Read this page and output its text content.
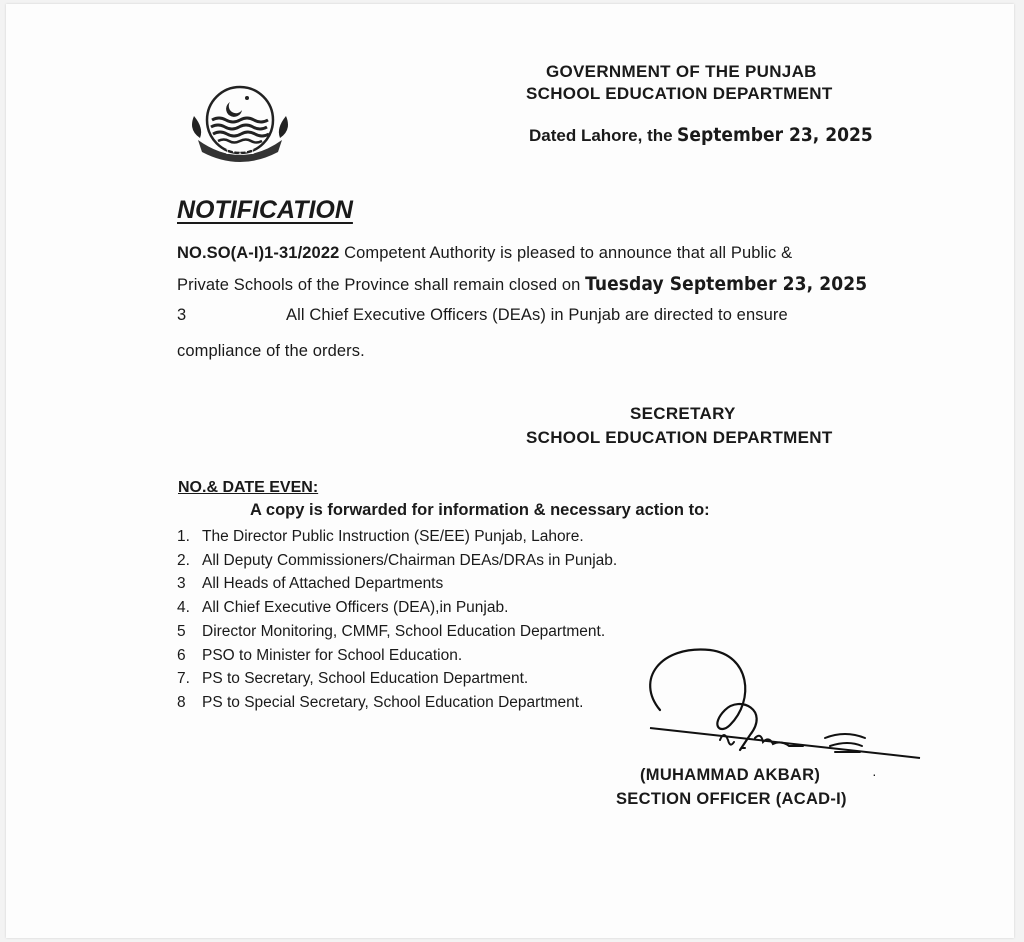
ⵊ • ⵊ • ⵊ
GOVERNMENT OF THE PUNJAB
SCHOOL EDUCATION DEPARTMENT
Dated Lahore, the September 23, 2025
NOTIFICATION
NO.SO(A-I)1-31/2022 Competent Authority is pleased to announce that all Public &
Private Schools of the Province shall remain closed on Tuesday September 23, 2025
3	All Chief Executive Officers (DEAs) in Punjab are directed to ensure
compliance of the orders.
SECRETARY
SCHOOL EDUCATION DEPARTMENT
NO.& DATE EVEN:
A copy is forwarded for information & necessary action to:
1. The Director Public Instruction (SE/EE) Punjab, Lahore.
2. All Deputy Commissioners/Chairman DEAs/DRAs in Punjab.
3 All Heads of Attached Departments
4. All Chief Executive Officers (DEA),in Punjab.
5 Director Monitoring, CMMF, School Education Department.
6 PSO to Minister for School Education.
7. PS to Secretary, School Education Department.
8 PS to Special Secretary, School Education Department.
(MUHAMMAD AKBAR)	·
SECTION OFFICER (ACAD-I)
